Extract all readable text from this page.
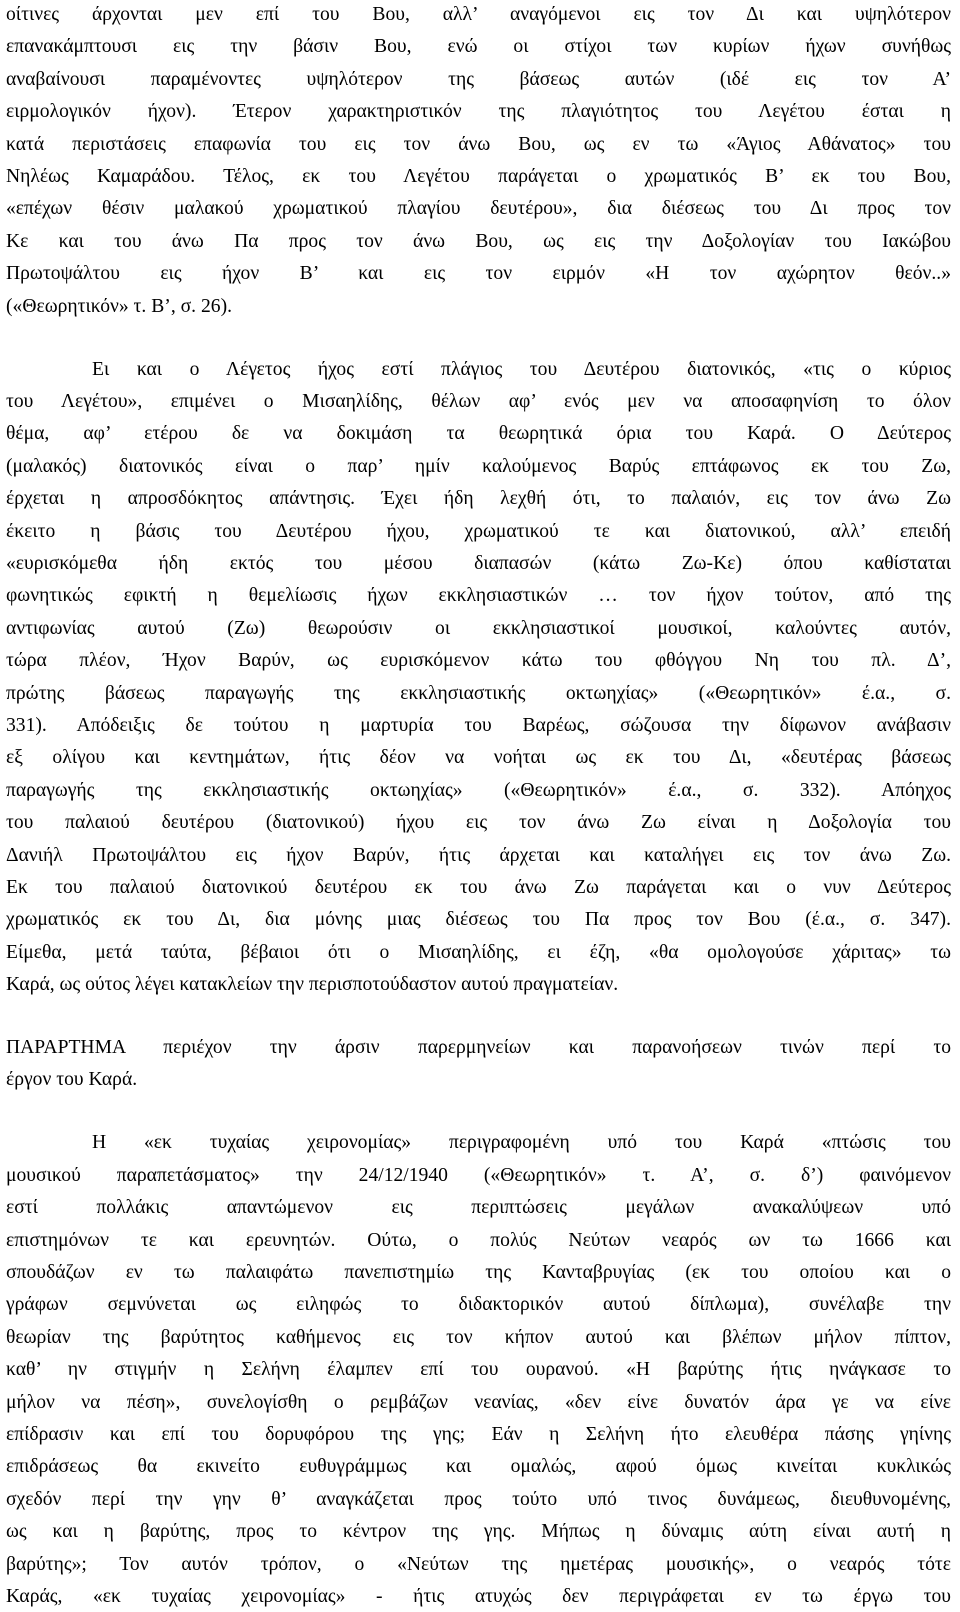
οίτινες άρχονται μεν επί του Βου, αλλ’ αναγόμενοι εις τον Δι και υψηλότερον
επανακάμπτουσι εις την βάσιν Βου, ενώ οι στίχοι των κυρίων ήχων συνήθως
αναβαίνουσι παραμένοντες υψηλότερον της βάσεως αυτών (ιδέ εις τον Α’
ειρμολογικόν ήχον). Έτερον χαρακτηριστικόν της πλαγιότητος του Λεγέτου έσται η
κατά περιστάσεις επαφωνία του εις τον άνω Βου, ως εν τω «Άγιος Αθάνατος» του
Νηλέως Καμαράδου. Τέλος, εκ του Λεγέτου παράγεται ο χρωματικός Β’ εκ του Βου,
«επέχων θέσιν μαλακού χρωματικού πλαγίου δευτέρου», δια διέσεως του Δι προς τον
Κε και του άνω Πα προς τον άνω Βου, ως εις την Δοξολογίαν του Ιακώβου
Πρωτοψάλτου εις ήχον Β’ και εις τον ειρμόν «Η τον αχώρητον θεόν..»
(«Θεωρητικόν» τ. Β’, σ. 26).
Ει και ο Λέγετος ήχος εστί πλάγιος του Δευτέρου διατονικός, «τις ο κύριος
του Λεγέτου», επιμένει ο Μισαηλίδης, θέλων αφ’ ενός μεν να αποσαφηνίση το όλον
θέμα, αφ’ ετέρου δε να δοκιμάση τα θεωρητικά όρια του Καρά. Ο Δεύτερος
(μαλακός) διατονικός είναι ο παρ’ ημίν καλούμενος Βαρύς επτάφωνος εκ του Ζω,
έρχεται η απροσδόκητος απάντησις. Έχει ήδη λεχθή ότι, το παλαιόν, εις τον άνω Ζω
έκειτο η βάσις του Δευτέρου ήχου, χρωματικού τε και διατονικού, αλλ’ επειδή
«ευρισκόμεθα ήδη εκτός του μέσου διαπασών (κάτω Ζω-Κε) όπου καθίσταται
φωνητικώς εφικτή η θεμελίωσις ήχων εκκλησιαστικών … τον ήχον τούτον, από της
αντιφωνίας αυτού (Ζω) θεωρούσιν οι εκκλησιαστικοί μουσικοί, καλούντες αυτόν,
τώρα πλέον, Ήχον Βαρύν, ως ευρισκόμενον κάτω του φθόγγου Νη του πλ. Δ’,
πρώτης βάσεως παραγωγής της εκκλησιαστικής οκτωηχίας» («Θεωρητικόν» έ.α., σ.
331). Απόδειξις δε τούτου η μαρτυρία του Βαρέως, σώζουσα την δίφωνον ανάβασιν
εξ ολίγου και κεντημάτων, ήτις δέον να νοήται ως εκ του Δι, «δευτέρας βάσεως
παραγωγής της εκκλησιαστικής οκτωηχίας» («Θεωρητικόν» έ.α., σ. 332). Απόηχος
του παλαιού δευτέρου (διατονικού) ήχου εις τον άνω Ζω είναι η Δοξολογία του
Δανιήλ Πρωτοψάλτου εις ήχον Βαρύν, ήτις άρχεται και καταλήγει εις τον άνω Ζω.
Εκ του παλαιού διατονικού δευτέρου εκ του άνω Ζω παράγεται και ο νυν Δεύτερος
χρωματικός εκ του Δι, δια μόνης μιας διέσεως του Πα προς τον Βου (έ.α., σ. 347).
Είμεθα, μετά ταύτα, βέβαιοι ότι ο Μισαηλίδης, ει έζη, «θα ομολογούσε χάριτας» τω
Καρά, ως ούτος λέγει κατακλείων την περισποτούδαστον αυτού πραγματείαν.
ΠΑΡΑΡΤΗΜΑ περιέχον την άρσιν παρερμηνείων και παρανοήσεων τινών περί το
έργον του Καρά.
Η «εκ τυχαίας χειρονομίας» περιγραφομένη υπό του Καρά «πτώσις του
μουσικού παραπετάσματος» την 24/12/1940 («Θεωρητικόν» τ. Α’, σ. δ’) φαινόμενον
εστί πολλάκις απαντώμενον εις περιπτώσεις μεγάλων ανακαλύψεων υπό
επιστημόνων τε και ερευνητών. Ούτω, ο πολύς Νεύτων νεαρός ων τω 1666 και
σπουδάζων εν τω παλαιφάτω πανεπιστημίω της Κανταβρυγίας (εκ του οποίου και ο
γράφων σεμνύνεται ως ειληφώς το διδακτορικόν αυτού δίπλωμα), συνέλαβε την
θεωρίαν της βαρύτητος καθήμενος εις τον κήπον αυτού και βλέπων μήλον πίπτον,
καθ’ ην στιγμήν η Σελήνη έλαμπεν επί του ουρανού. «Η βαρύτης ήτις ηνάγκασε το
μήλον να πέση», συνελογίσθη ο ρεμβάζων νεανίας, «δεν είνε δυνατόν άρα γε να είνε
επίδρασιν και επί του δορυφόρου της γης; Εάν η Σελήνη ήτο ελευθέρα πάσης γηίνης
επιδράσεως θα εκινείτο ευθυγράμμως και ομαλώς, αφού όμως κινείται κυκλικώς
σχεδόν περί την γην θ’ αναγκάζεται προς τούτο υπό τινος δυνάμεως, διευθυνομένης,
ως και η βαρύτης, προς το κέντρον της γης. Μήπως η δύναμις αύτη είναι αυτή η
βαρύτης»; Τον αυτόν τρόπον, ο «Νεύτων της ημετέρας μουσικής», ο νεαρός τότε
Καράς, «εκ τυχαίας χειρονομίας» - ήτις ατυχώς δεν περιγράφεται εν τω έργω του
